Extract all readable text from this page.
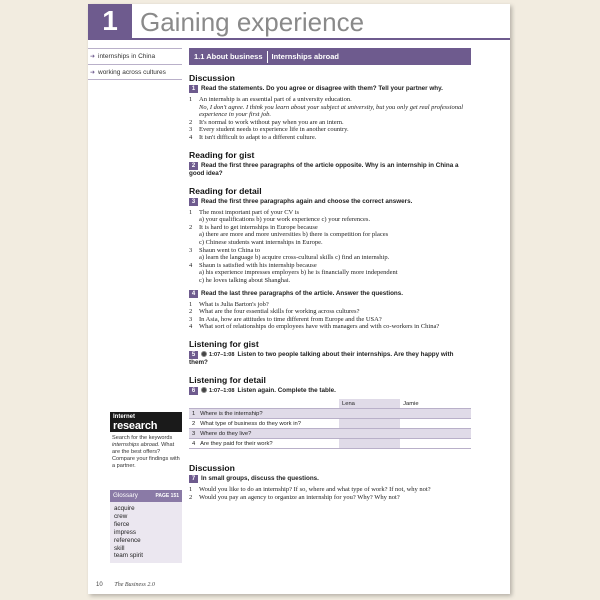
1 Gaining experience
➜ internships in China
➜ working across cultures
1.1 About business Internships abroad
Discussion
1 Read the statements. Do you agree or disagree with them? Tell your partner why.
1 An internship is an essential part of a university education.
No, I don't agree. I think you learn about your subject at university, but you only get real professional experience in your first job.
2 It's normal to work without pay when you are an intern.
3 Every student needs to experience life in another country.
4 It isn't difficult to adapt to a different culture.
Reading for gist
2 Read the first three paragraphs of the article opposite. Why is an internship in China a good idea?
Reading for detail
3 Read the first three paragraphs again and choose the correct answers.
1 The most important part of your CV is
a) your qualifications b) your work experience c) your references.
2 It is hard to get internships in Europe because
a) there are more and more universities b) there is competition for places
c) Chinese students want internships in Europe.
3 Shaun went to China to
a) learn the language b) acquire cross-cultural skills c) find an internship.
4 Shaun is satisfied with his internship because
a) his experience impresses employers b) he is financially more independent
c) he loves talking about Shanghai.
4 Read the last three paragraphs of the article. Answer the questions.
1 What is Julia Barton's job?
2 What are the four essential skills for working across cultures?
3 In Asia, how are attitudes to time different from Europe and the USA?
4 What sort of relationships do employees have with managers and with co-workers in China?
Listening for gist
5 1:07–1:08 Listen to two people talking about their internships. Are they happy with them?
Listening for detail
6 1:07–1:08 Listen again. Complete the table.
	Lena	Jamie
1 Where is the internship?		
2 What type of business do they work in?		
3 Where do they live?		
4 Are they paid for their work?		
Discussion
7 In small groups, discuss the questions.
1 Would you like to do an internship? If so, where and what type of work? If not, why not?
2 Would you pay an agency to organize an internship for you? Why? Why not?
Internet
research
Search for the keywords internships abroad. What are the best offers? Compare your findings with a partner.
Glossary	PAGE 151
acquire
crew
fierce
impress
reference
skill
team spirit
10 The Business 2.0
